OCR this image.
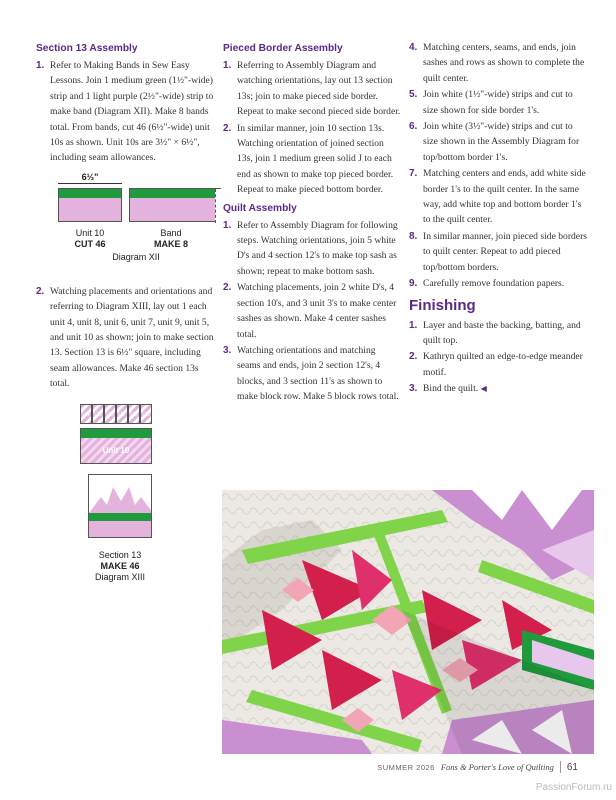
Section 13 Assembly
1. Refer to Making Bands in Sew Easy Lessons. Join 1 medium green (1½"-wide) strip and 1 light purple (2½"-wide) strip to make band (Diagram XII). Make 8 bands total. From bands, cut 46 (6½"-wide) unit 10s as shown. Unit 10s are 3½" × 6½", including seam allowances.
6½"
Unit 10
CUT 46
Band
MAKE 8
Diagram XII
2. Watching placements and orientations and referring to Diagram XIII, lay out 1 each unit 4, unit 8, unit 6, unit 7, unit 9, unit 5, and unit 10 as shown; join to make section 13. Section 13 is 6½" square, including seam allowances. Make 46 section 13s total.
U4 U8 U6 U7 U9 U5
Unit 10
Section 13
MAKE 46
Diagram XIII
Pieced Border Assembly
1. Referring to Assembly Diagram and watching orientations, lay out 13 section 13s; join to make pieced side border. Repeat to make second pieced side border.
2. In similar manner, join 10 section 13s. Watching orientation of joined section 13s, join 1 medium green solid J to each end as shown to make top pieced border. Repeat to make pieced bottom border.
Quilt Assembly
1. Refer to Assembly Diagram for following steps. Watching orientations, join 5 white D's and 4 section 12's to make top sash as shown; repeat to make bottom sash.
2. Watching placements, join 2 white D's, 4 section 10's, and 3 unit 3's to make center sashes as shown. Make 4 center sashes total.
3. Watching orientations and matching seams and ends, join 2 section 12's, 4 blocks, and 3 section 11's as shown to make block row. Make 5 block rows total.
4. Matching centers, seams, and ends, join sashes and rows as shown to complete the quilt center.
5. Join white (1½"-wide) strips and cut to size shown for side border 1's.
6. Join white (3½"-wide) strips and cut to size shown in the Assembly Diagram for top/bottom border 1's.
7. Matching centers and ends, add white side border 1's to the quilt center. In the same way, add white top and bottom border 1's to the quilt center.
8. In similar manner, join pieced side borders to quilt center. Repeat to add pieced top/bottom borders.
9. Carefully remove foundation papers.
Finishing
1. Layer and baste the backing, batting, and quilt top.
2. Kathryn quilted an edge-to-edge meander motif.
3. Bind the quilt. ◀
SUMMER 2026 Fons & Porter's Love of Quilting 61
PassionForum.ru
